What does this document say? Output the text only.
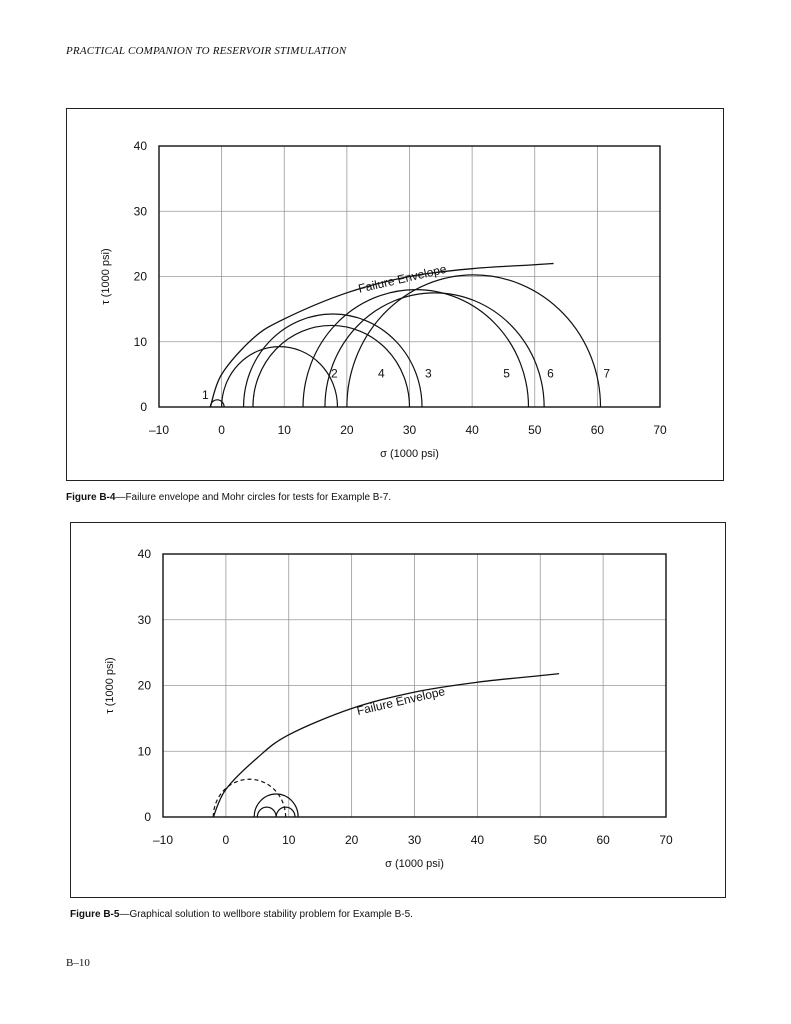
PRACTICAL COMPANION TO RESERVOIR STIMULATION
–10	0	10	20	30	40	50	60	70
0
10
20
30
40
σ (1000 psi)
τ (1000 psi)
1
2	3
4	5	6	7
Failure Envelope
Figure B-4—Failure envelope and Mohr circles for tests for Example B-7.
–10	0	10	20	30	40	50	60	70
0
10
20
30
40
σ (1000 psi)
τ (1000 psi)	Failure Envelope
Figure B-5—Graphical solution to wellbore stability problem for Example B-5.
B–10
